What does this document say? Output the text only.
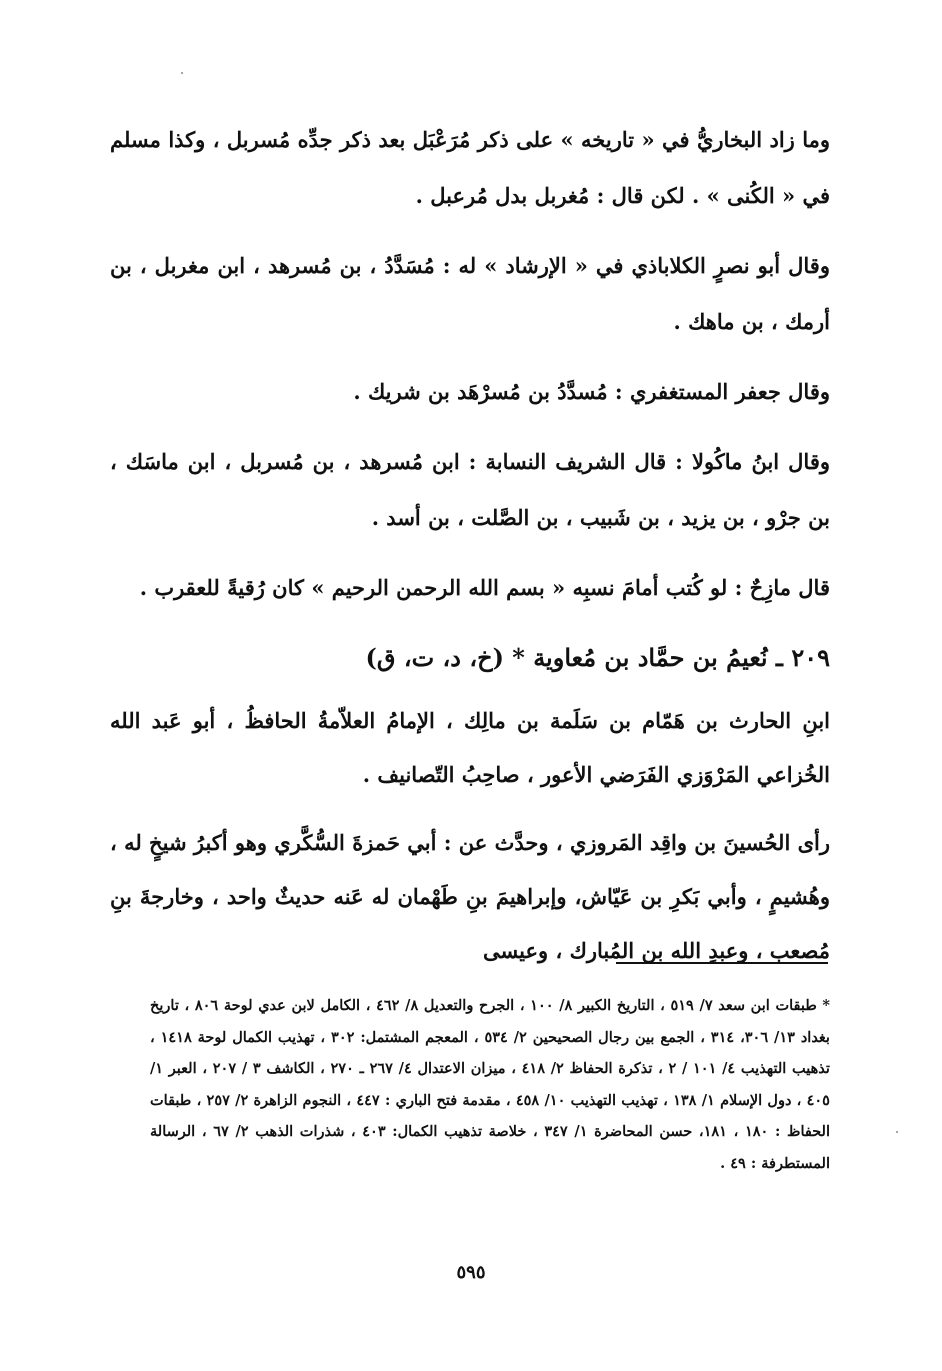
وما زاد البخاريُّ في « تاريخه » على ذكر مُرَعْبَل بعد ذكر جدِّه مُسربل ، وكذا مسلم في « الكُنى » . لكن قال : مُغربل بدل مُرعبل .

وقال أبو نصرٍ الكلاباذي في « الإرشاد » له : مُسَدَّدُ ، بن مُسرهد ، ابن مغربل ، بن أرمك ، بن ماهك .

وقال جعفر المستغفري : مُسدَّدُ بن مُسرْهَد بن شريك .

وقال ابنُ ماكُولا : قال الشريف النسابة : ابن مُسرهد ، بن مُسربل ، ابن ماسَك ، بن جرْو ، بن يزيد ، بن شَبيب ، بن الصَّلت ، بن أسد .

قال مازِحٌ : لو كُتب أمامَ نسبِه « بسم الله الرحمن الرحيم » كان رُقيةً للعقرب .

٢٠٩ ـ نُعيمُ بن حمَّاد بن مُعاوية * (خ، د، ت، ق)

ابنِ الحارث بن هَمّام بن سَلَمة بن مالِك ، الإمامُ العلاّمةُ الحافظُ ، أبو عَبد الله الخُزاعي المَرْوَزي الفَرَضي الأعور ، صاحِبُ التّصانيف .

رأى الحُسينَ بن واقِد المَروزي ، وحدَّث عن : أبي حَمزةَ السُّكَّري وهو أكبرُ شيخٍ له ، وهُشيمٍ ، وأبي بَكرِ بن عَيّاش، وإبراهيمَ بنِ طَهْمان له عَنه حديثٌ واحد ، وخارجةَ بنِ مُصعب ، وعبدِ الله بن المُبارك ، وعيسى

* طبقات ابن سعد ٧/ ٥١٩ ، التاريخ الكبير ٨/ ١٠٠ ، الجرح والتعديل ٨/ ٤٦٢ ، الكامل لابن عدي لوحة ٨٠٦ ، تاريخ بغداد ١٣/ ٣٠٦، ٣١٤ ، الجمع بين رجال الصحيحين ٢/ ٥٣٤ ، المعجم المشتمل: ٣٠٢ ، تهذيب الكمال لوحة ١٤١٨ ، تذهيب التهذيب ٤/ ١٠١ / ٢ ، تذكرة الحفاظ ٢/ ٤١٨ ، ميزان الاعتدال ٤/ ٢٦٧ ـ ٢٧٠ ، الكاشف ٣ / ٢٠٧ ، العبر ١/ ٤٠٥ ، دول الإسلام ١/ ١٣٨ ، تهذيب التهذيب ١٠/ ٤٥٨ ، مقدمة فتح الباري : ٤٤٧ ، النجوم الزاهرة ٢/ ٢٥٧ ، طبقات الحفاظ : ١٨٠ ، ١٨١، حسن المحاضرة ١/ ٣٤٧ ، خلاصة تذهيب الكمال: ٤٠٣ ، شذرات الذهب ٢/ ٦٧ ، الرسالة المستطرفة : ٤٩ .

٥٩٥
